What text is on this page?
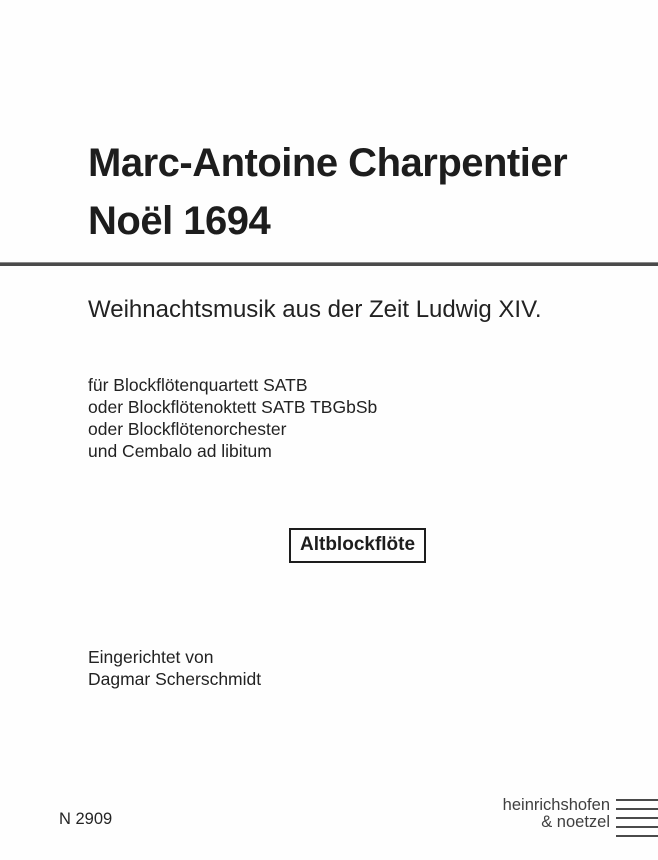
Marc-Antoine Charpentier
Noël 1694
Weihnachtsmusik aus der Zeit Ludwig XIV.
für Blockflötenquartett SATB
oder Blockflötenoktett SATB TBGbSb
oder Blockflötenorchester
und Cembalo ad libitum
Altblockflöte
Eingerichtet von
Dagmar Scherschmidt
N 2909
heinrichshofen
& noetzel
